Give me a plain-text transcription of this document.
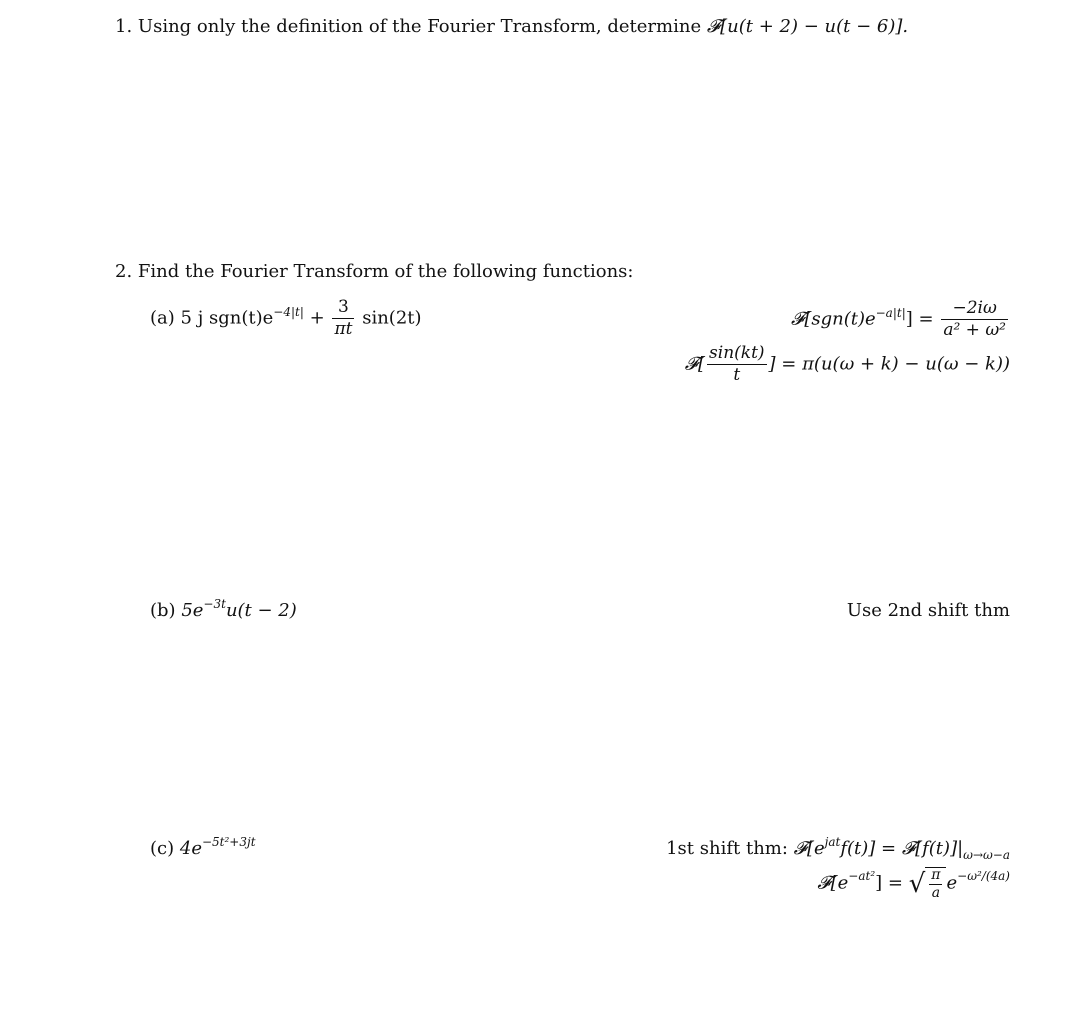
1. Using only the definition of the Fourier Transform, determine 𝓕[u(t + 2) − u(t − 6)].
2. Find the Fourier Transform of the following functions:
(a) 5 j $sgn(t)e^{-4|t|} + \frac{3}{\pi t} \sin(2t)$	$𝓕[sgn(t)e^{-a|t|}] = \frac{-2i\omega}{\text{a² + ω²}}$
𝓕[ $\frac{\sin(kt)}{t}$ ] = π(u(ω + k) − u(ω − k))
(b) $5e^{-3t}u(t - 2)$	Use 2nd shift thm
(c) $4e^{-5t^2+3jt}$	1st shift thm: $𝓕[e^{jat}f(t)]$ = $𝓕[f(t)]|_{\omega\to\omega-a}$
$𝓕[e^{-at^2}]$ = √ $\frac{\pi}{a} e^{-\omega^2/(4a)}$
